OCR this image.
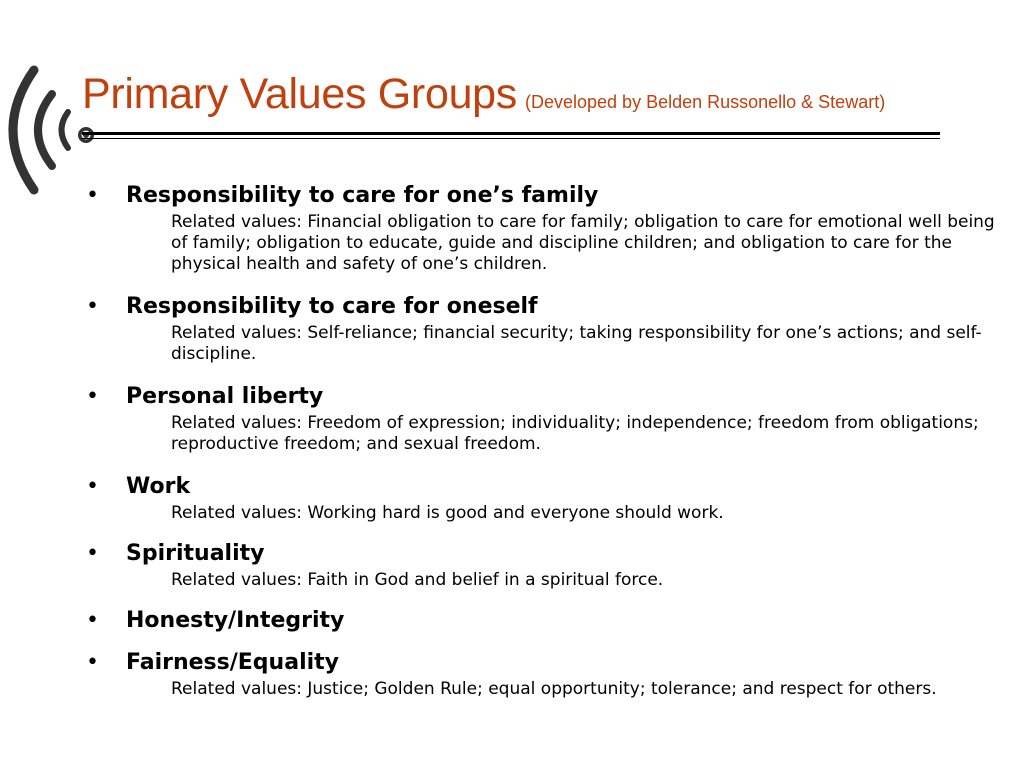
Primary Values Groups (Developed by Belden Russonello & Stewart)
• Responsibility to care for one’s family
Related values: Financial obligation to care for family; obligation to care for emotional well being of family; obligation to educate, guide and discipline children; and obligation to care for the physical health and safety of one’s children.
• Responsibility to care for oneself
Related values: Self-reliance; financial security; taking responsibility for one’s actions; and self-discipline.
• Personal liberty
Related values: Freedom of expression; individuality; independence; freedom from obligations; reproductive freedom; and sexual freedom.
• Work
Related values: Working hard is good and everyone should work.
• Spirituality
Related values: Faith in God and belief in a spiritual force.
• Honesty/Integrity
• Fairness/Equality
Related values: Justice; Golden Rule; equal opportunity; tolerance; and respect for others.
